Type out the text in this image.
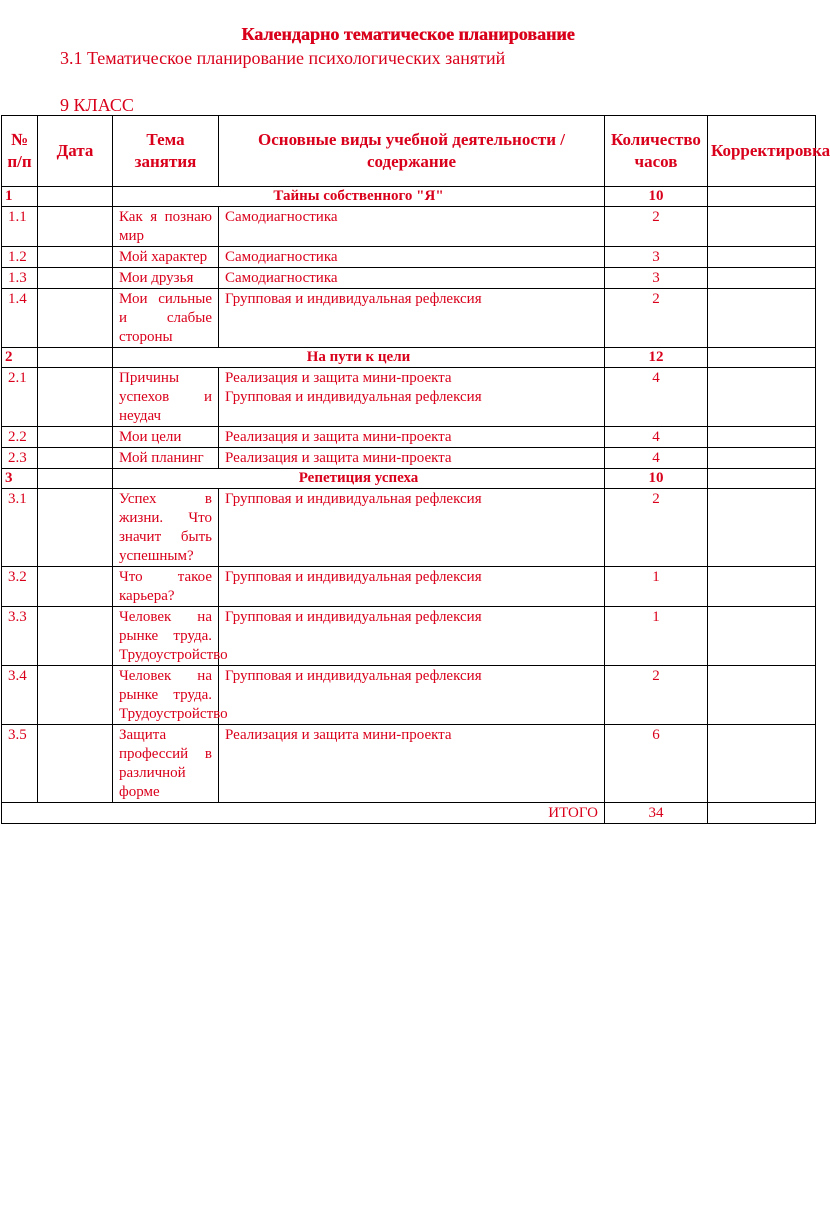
Календарно тематическое планирование
3.1 Тематическое планирование психологических занятий
9 КЛАСС
№ п/п	Дата	Тема занятия	Основные виды учебной деятельности / содержание	Количество часов	Корректировка
1		Тайны собственного "Я"		10	
1.1		Как я познаю мир	Самодиагностика	2	
1.2		Мой характер	Самодиагностика	3	
1.3		Мои друзья	Самодиагностика	3	
1.4		Мои сильные и слабые стороны	Групповая и индивидуальная рефлексия	2	
2		На пути к цели		12	
2.1		Причины успехов и неудач	Реализация и защита мини-проекта
Групповая и индивидуальная рефлексия	4	
2.2		Мои цели	Реализация и защита мини-проекта	4	
2.3		Мой планинг	Реализация и защита мини-проекта	4	
3		Репетиция успеха		10	
3.1		Успех в жизни. Что значит быть успешным?	Групповая и индивидуальная рефлексия	2	
3.2		Что такое карьера?	Групповая и индивидуальная рефлексия	1	
3.3		Человек на рынке труда. Трудоустройство	Групповая и индивидуальная рефлексия	1	
3.4		Человек на рынке труда. Трудоустройство	Групповая и индивидуальная рефлексия	2	
3.5		Защита профессий в различной форме	Реализация и защита мини-проекта	6	
ИТОГО				34	
